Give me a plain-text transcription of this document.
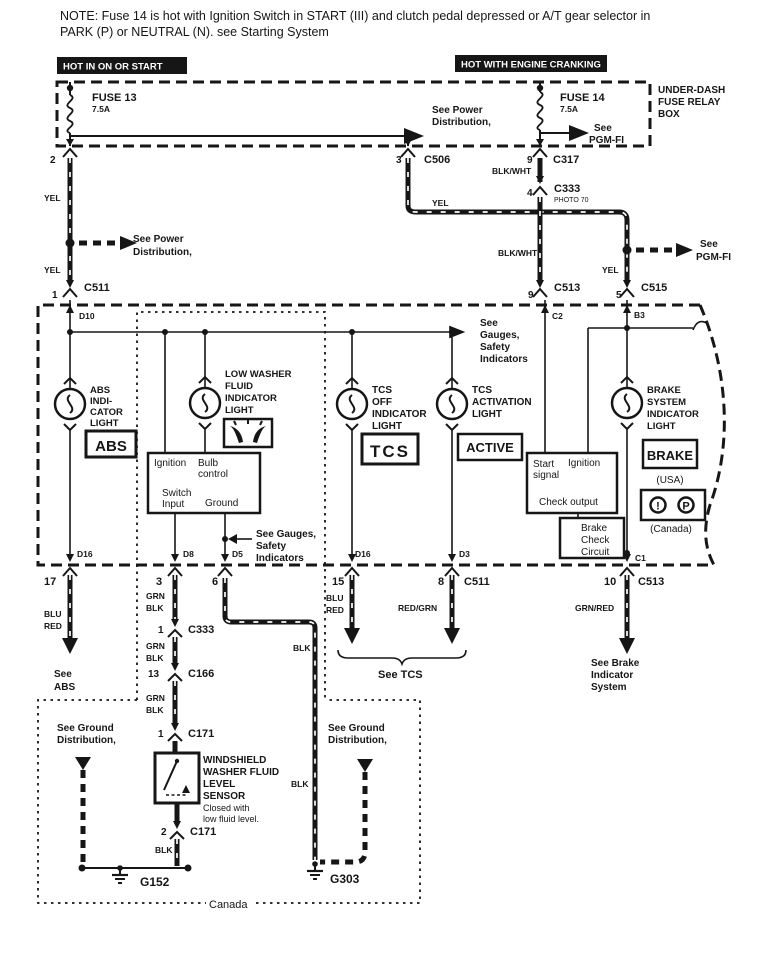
NOTE: Fuse 14 is hot with Ignition Switch in START (III) and clutch pedal depressed or A/T gear selector in
PARK (P) or NEUTRAL (N). see Starting System
HOT IN ON OR START	HOT WITH ENGINE CRANKING
UNDER-DASH
FUSE RELAY
BOX
FUSE 13
7.5A	See Power
Distribution,
FUSE 14
7.5A
See
PGM-FI
2	3 C506	9 C317
YEL
YEL
YEL
YEL
BLK/WHT
BLK/WHT
4 C333
PHOTO 70
See Power
Distribution,
See
PGM-FI
1
C511
9
C513
5
C515
D10	C2	B3
See
Gauges,
Safety
Indicators
ABS
INDI-
CATOR
LIGHT
ABS
LOW WASHER
FLUID
INDICATOR
LIGHT
Ignition Bulb
control
Switch
Input Ground
See Gauges,
Safety
Indicators
TCS
OFF
INDICATOR
LIGHT
TCS
TCS
ACTIVATION
LIGHT
ACTIVE
BRAKE
SYSTEM
INDICATOR
LIGHT
BRAKE
(USA)
! P
(Canada)
Start
signal
Ignition
Check output
Brake
Check
Circuit
D16
17
D8
3
D5
6
D16
15
D3
8 C511
C1
10 C513
BLU
RED
See
ABS
1 C333
13	C166
1 C171
GRN
BLK
GRN
BLK
GRN
BLK
BLK
BLK
BLU
RED	RED/GRN
See TCS
GRN/RED
See Brake
Indicator
System
Canada
See Ground
Distribution,
See Ground
Distribution,
WINDSHIELD
WASHER FLUID
LEVEL
SENSOR
Closed with
low fluid level.
2 C171
BLK
G152	G303
